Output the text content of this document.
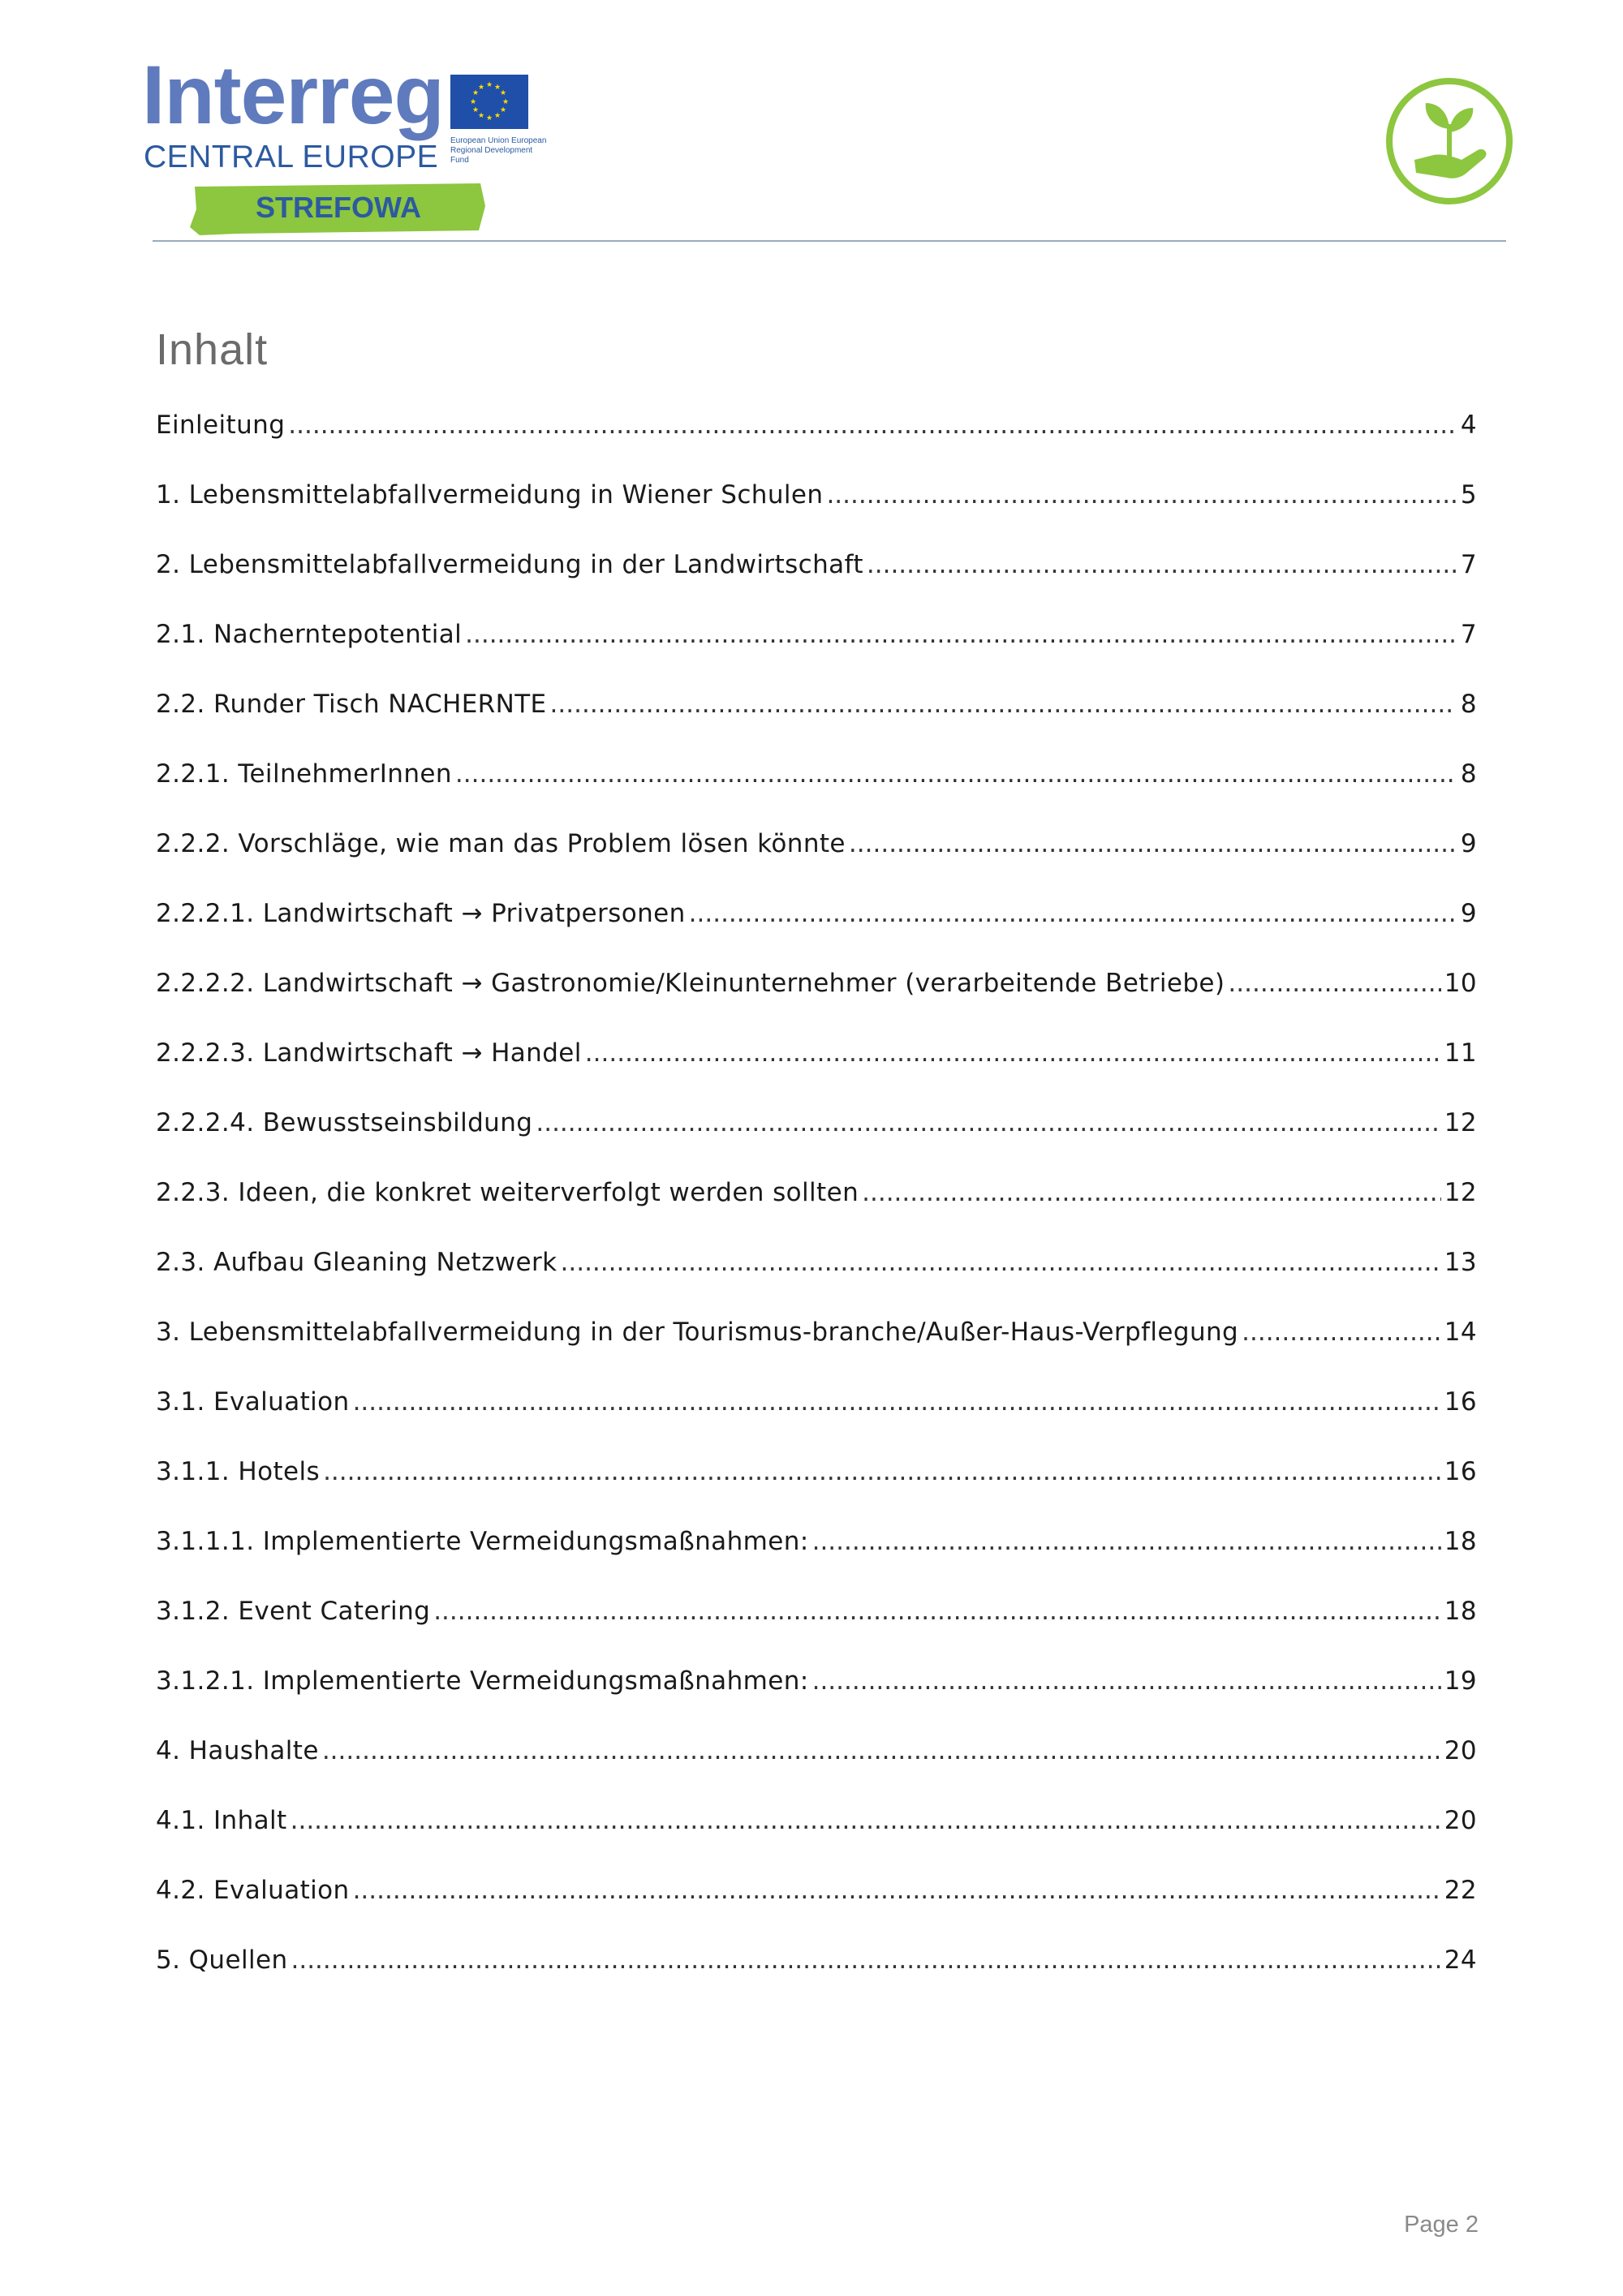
Interreg
CENTRAL EUROPE
★ ★
★
★
★
★
★
★
★
★
★
★
European Union European Regional Development Fund
STREFOWA
Inhalt
Einleitung .....	4
1. Lebensmittelabfallvermeidung in Wiener Schulen .....	5
2. Lebensmittelabfallvermeidung in der Landwirtschaft .....	7
2.1. Nacherntepotential .....	7
2.2. Runder Tisch NACHERNTE .....	8
2.2.1. TeilnehmerInnen .....	8
2.2.2. Vorschläge, wie man das Problem lösen könnte .....	9
2.2.2.1. Landwirtschaft → Privatpersonen .....	9
2.2.2.2. Landwirtschaft → Gastronomie/Kleinunternehmer (verarbeitende Betriebe) .....	10
2.2.2.3. Landwirtschaft → Handel .....	11
2.2.2.4. Bewusstseinsbildung .....	12
2.2.3. Ideen, die konkret weiterverfolgt werden sollten .....	12
2.3. Aufbau Gleaning Netzwerk .....	13
3. Lebensmittelabfallvermeidung in der Tourismus-branche/Außer-Haus-Verpflegung .....	14
3.1. Evaluation .....	16
3.1.1. Hotels .....	16
3.1.1.1. Implementierte Vermeidungsmaßnahmen: .....	18
3.1.2. Event Catering .....	18
3.1.2.1. Implementierte Vermeidungsmaßnahmen: .....	19
4. Haushalte .....	20
4.1. Inhalt .....	20
4.2. Evaluation .....	22
5. Quellen .....	24
Page 2
